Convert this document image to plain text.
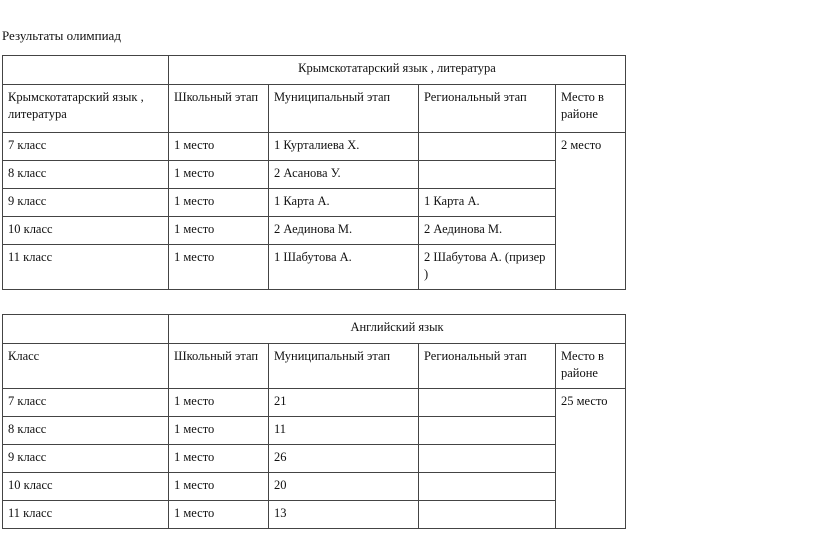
Результаты олимпиад
	Крымскотатарский язык , литература			
Крымскотатарский язык , литература	Школьный этап	Муниципальный этап	Региональный этап	Место в районе
7 класс	1 место	1 Курталиева Х.		2 место
8 класс	1 место	2 Асанова У.		
9 класс	1 место	1 Карта А.	1 Карта А.	
10 класс	1 место	2 Аединова М.	2 Аединова М.	
11 класс	1 место	1 Шабутова А.	2 Шабутова А. (призер )	
	Английский язык			
Класс	Школьный этап	Муниципальный этап	Региональный этап	Место в районе
7 класс	1 место	21		25 место
8 класс	1 место	11		
9 класс	1 место	26		
10 класс	1 место	20		
11 класс	1 место	13		
